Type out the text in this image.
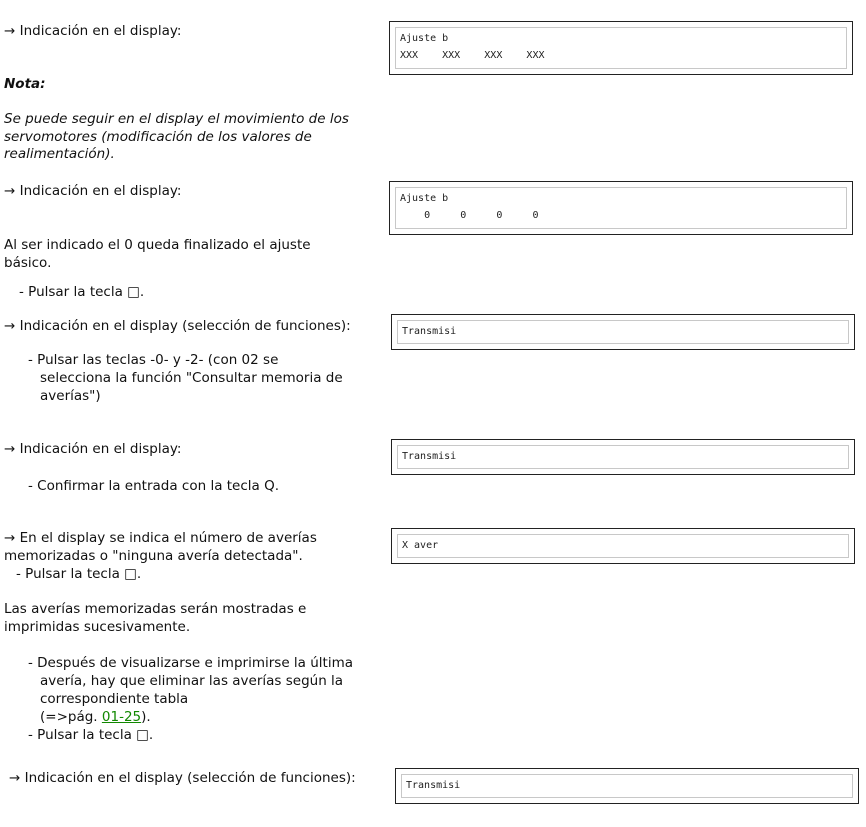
→ Indicación en el display:
Nota:
Se puede seguir en el display el movimiento de los
servomotores (modificación de los valores de
realimentación).
→ Indicación en el display:
Al ser indicado el 0 queda finalizado el ajuste
básico.
- Pulsar la tecla □.
→ Indicación en el display (selección de funciones):
- Pulsar las teclas -0- y -2- (con 02 se
selecciona la función "Consultar memoria de
averías")
→ Indicación en el display:
- Confirmar la entrada con la tecla Q.
→ En el display se indica el número de averías
memorizadas o "ninguna avería detectada".
- Pulsar la tecla □.
Las averías memorizadas serán mostradas e
imprimidas sucesivamente.
- Después de visualizarse e imprimirse la última
avería, hay que eliminar las averías según la
correspondiente tabla
(=>pág. 01-25).
- Pulsar la tecla □.
→ Indicación en el display (selección de funciones):
Ajuste b
XXX    XXX    XXX    XXX
Ajuste b
0     0     0     0
Transmisi
Transmisi
X aver
Transmisi
